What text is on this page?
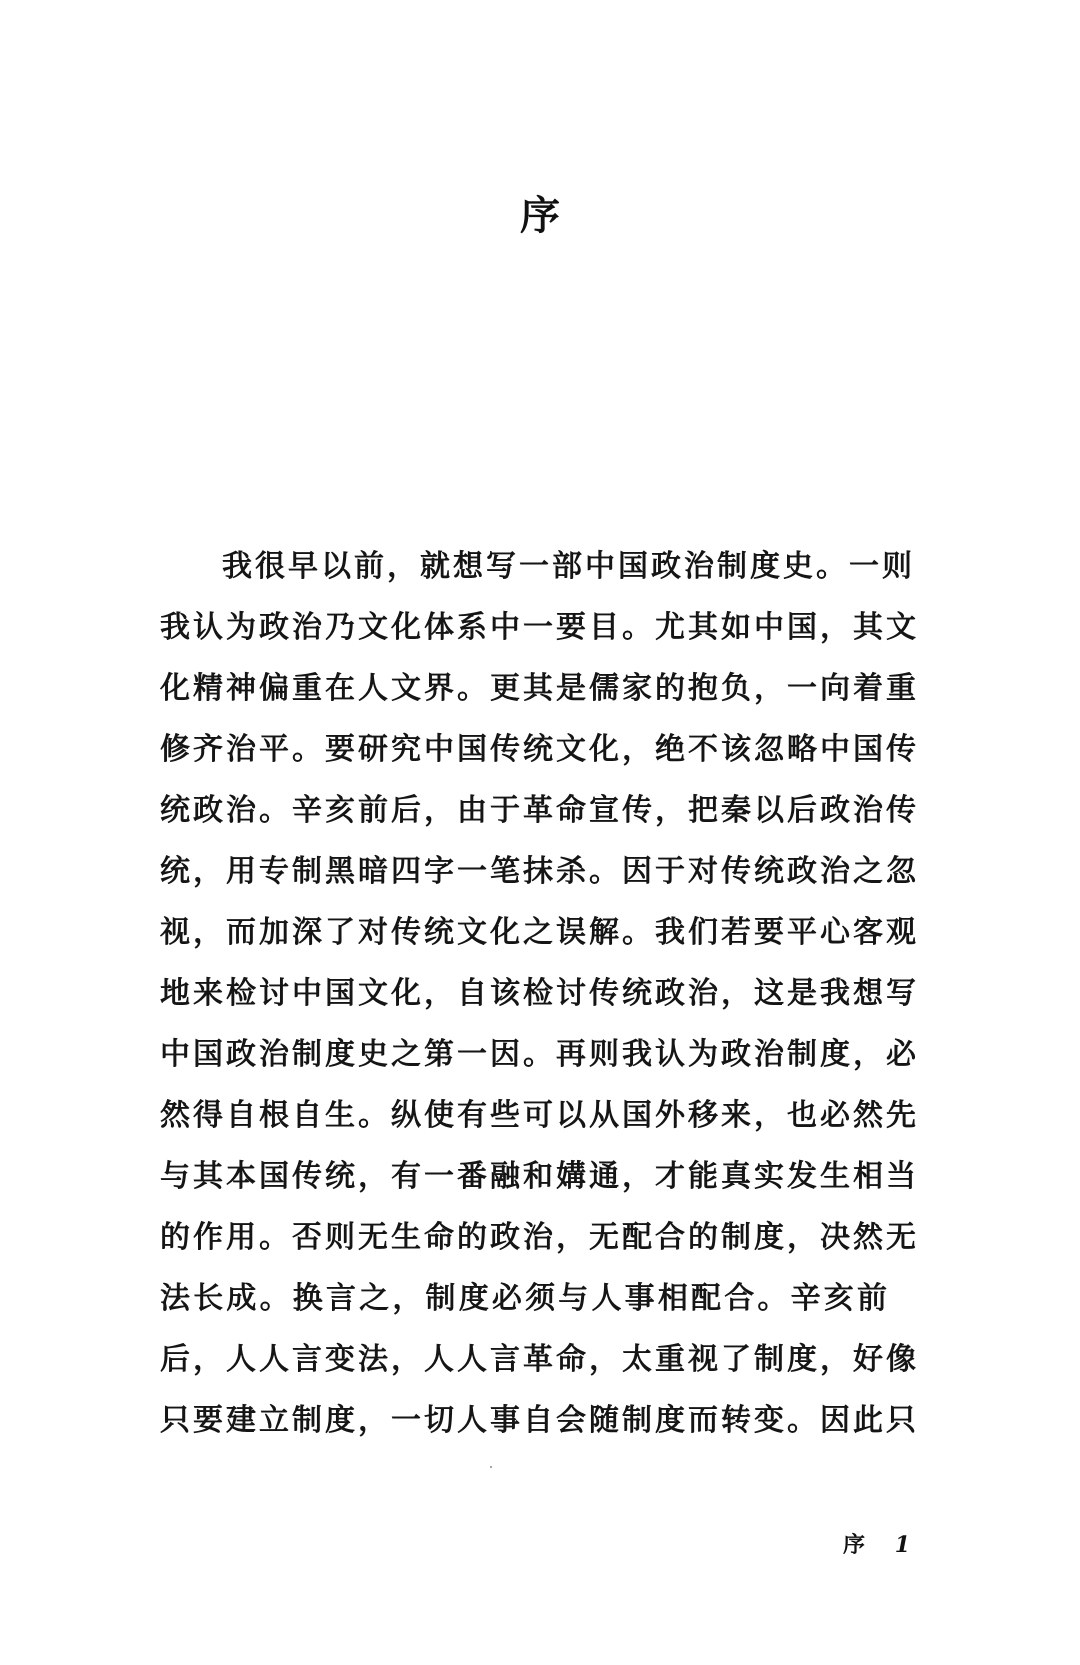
序
我很早以前，就想写一部中国政治制度史。一则
我认为政治乃文化体系中一要目。尤其如中国，其文
化精神偏重在人文界。更其是儒家的抱负，一向着重
修齐治平。要研究中国传统文化，绝不该忽略中国传
统政治。辛亥前后，由于革命宣传，把秦以后政治传
统，用专制黑暗四字一笔抹杀。因于对传统政治之忽
视，而加深了对传统文化之误解。我们若要平心客观
地来检讨中国文化，自该检讨传统政治，这是我想写
中国政治制度史之第一因。再则我认为政治制度，必
然得自根自生。纵使有些可以从国外移来，也必然先
与其本国传统，有一番融和媾通，才能真实发生相当
的作用。否则无生命的政治，无配合的制度，决然无
法长成。换言之，制度必须与人事相配合。辛亥前
后，人人言变法，人人言革命，太重视了制度，好像
只要建立制度，一切人事自会随制度而转变。因此只
序 1
